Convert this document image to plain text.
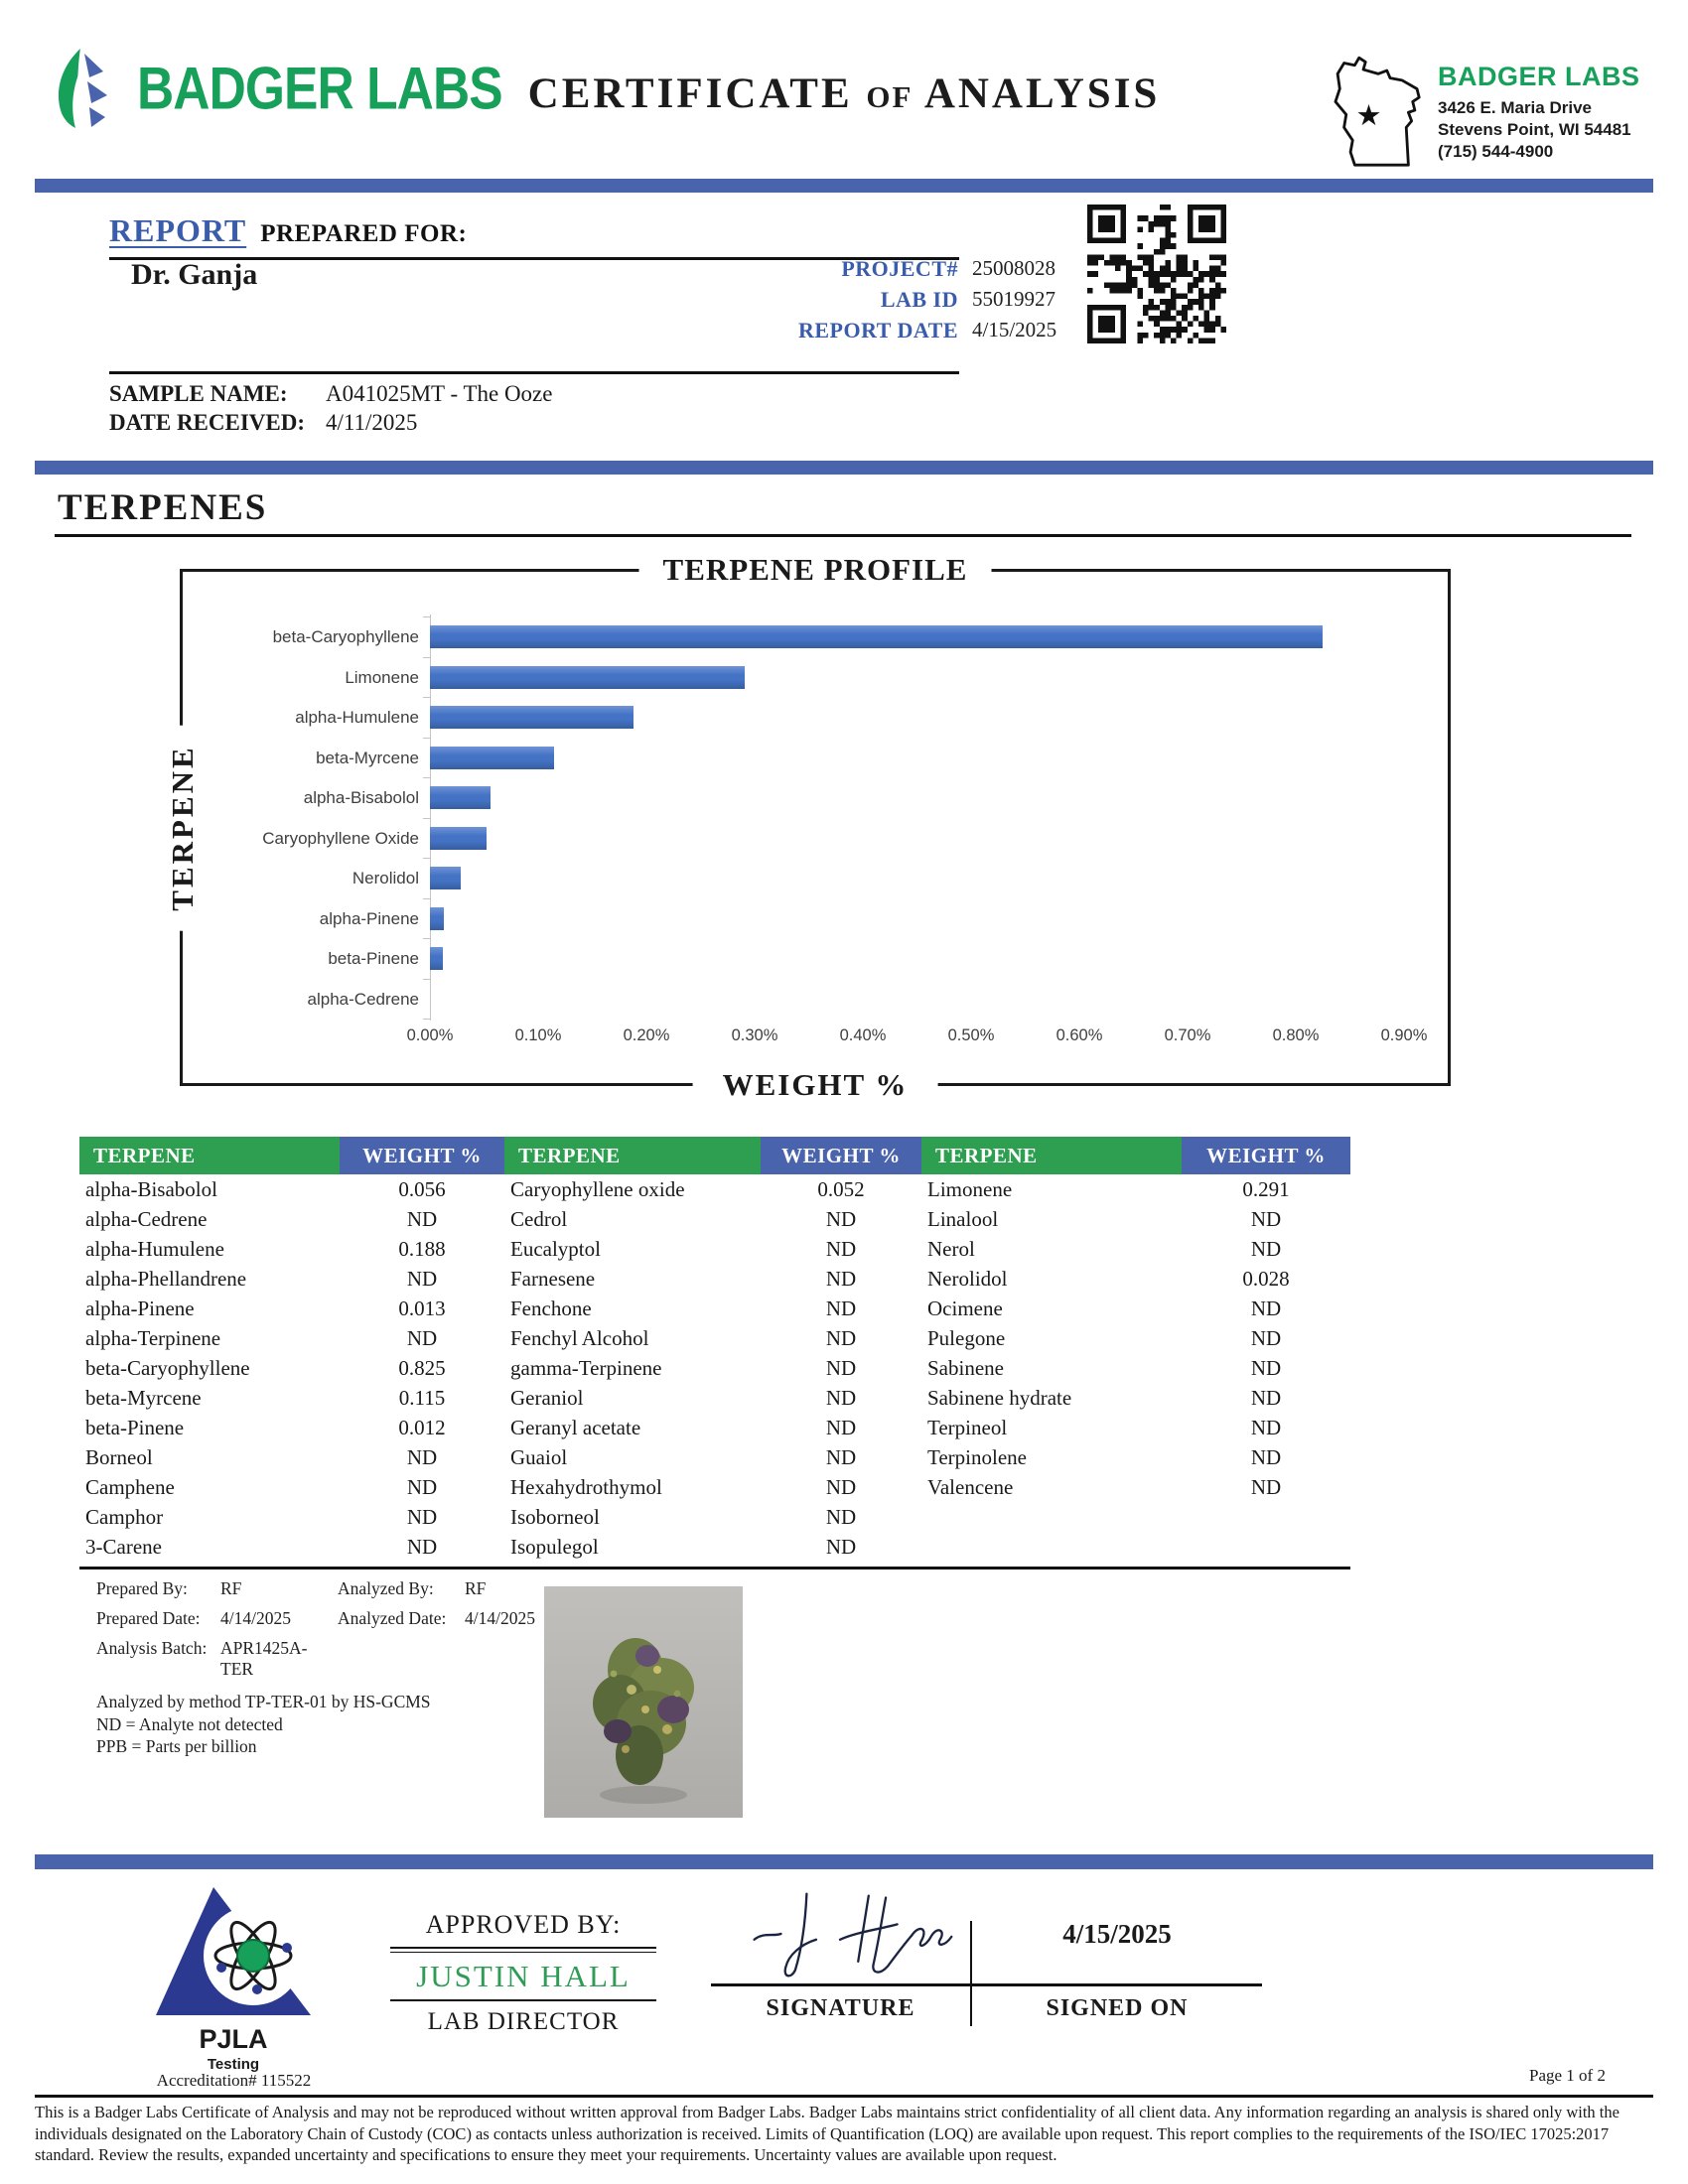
BADGER LABS CERTIFICATE OF ANALYSIS	★
BADGER LABS
3426 E. Maria Drive
Stevens Point, WI 54481
(715) 544-4900
REPORT PREPARED FOR:
Dr. Ganja	PROJECT# 25008028
LAB ID 55019927
REPORT DATE 4/15/2025
SAMPLE NAME:	A041025MT - The Ooze
DATE RECEIVED: 4/11/2025
TERPENES
TERPENE PROFILE
TERPENE
WEIGHT %
beta-Caryophyllene
Limonene
alpha-Humulene
beta-Myrcene
alpha-Bisabolol
Caryophyllene Oxide
Nerolidol
alpha-Pinene
beta-Pinene
alpha-Cedrene
0.00%	0.10%	0.20%	0.30%	0.40%	0.50%	0.60%	0.70%	0.80%	0.90%
TERPENE	WEIGHT %	TERPENE	WEIGHT %	TERPENE	WEIGHT %
alpha-Bisabolol	0.056	Caryophyllene oxide	0.052	Limonene	0.291
alpha-Cedrene	ND	Cedrol	ND	Linalool	ND
alpha-Humulene	0.188	Eucalyptol	ND	Nerol	ND
alpha-Phellandrene	ND	Farnesene	ND	Nerolidol	0.028
alpha-Pinene	0.013	Fenchone	ND	Ocimene	ND
alpha-Terpinene	ND	Fenchyl Alcohol	ND	Pulegone	ND
beta-Caryophyllene	0.825	gamma-Terpinene	ND	Sabinene	ND
beta-Myrcene	0.115	Geraniol	ND	Sabinene hydrate	ND
beta-Pinene	0.012	Geranyl acetate	ND	Terpineol	ND
Borneol	ND	Guaiol	ND	Terpinolene	ND
Camphene	ND	Hexahydrothymol	ND	Valencene	ND
Camphor	ND	Isoborneol	ND
3-Carene	ND	Isopulegol	ND
Prepared By:	RF	Analyzed By:	RF
Prepared Date:	4/14/2025	Analyzed Date:	4/14/2025
Analysis Batch: APR1425A-TER
Analyzed by method TP-TER-01 by HS-GCMS
ND = Analyte not detected
PPB = Parts per billion
PJLA
Testing
Accreditation# 115522
APPROVED BY:
JUSTIN HALL
LAB DIRECTOR	SIGNATURE
4/15/2025
SIGNED ON
Page 1 of 2
This is a Badger Labs Certificate of Analysis and may not be reproduced without written approval from Badger Labs. Badger Labs maintains strict confidentiality of all client data. Any information regarding an analysis is shared only with the individuals designated on the Laboratory Chain of Custody (COC) as contacts unless authorization is received. Limits of Quantification (LOQ) are available upon request. This report complies to the requirements of the ISO/IEC 17025:2017 standard. Review the results, expanded uncertainty and specifications to ensure they meet your requirements. Uncertainty values are available upon request.
